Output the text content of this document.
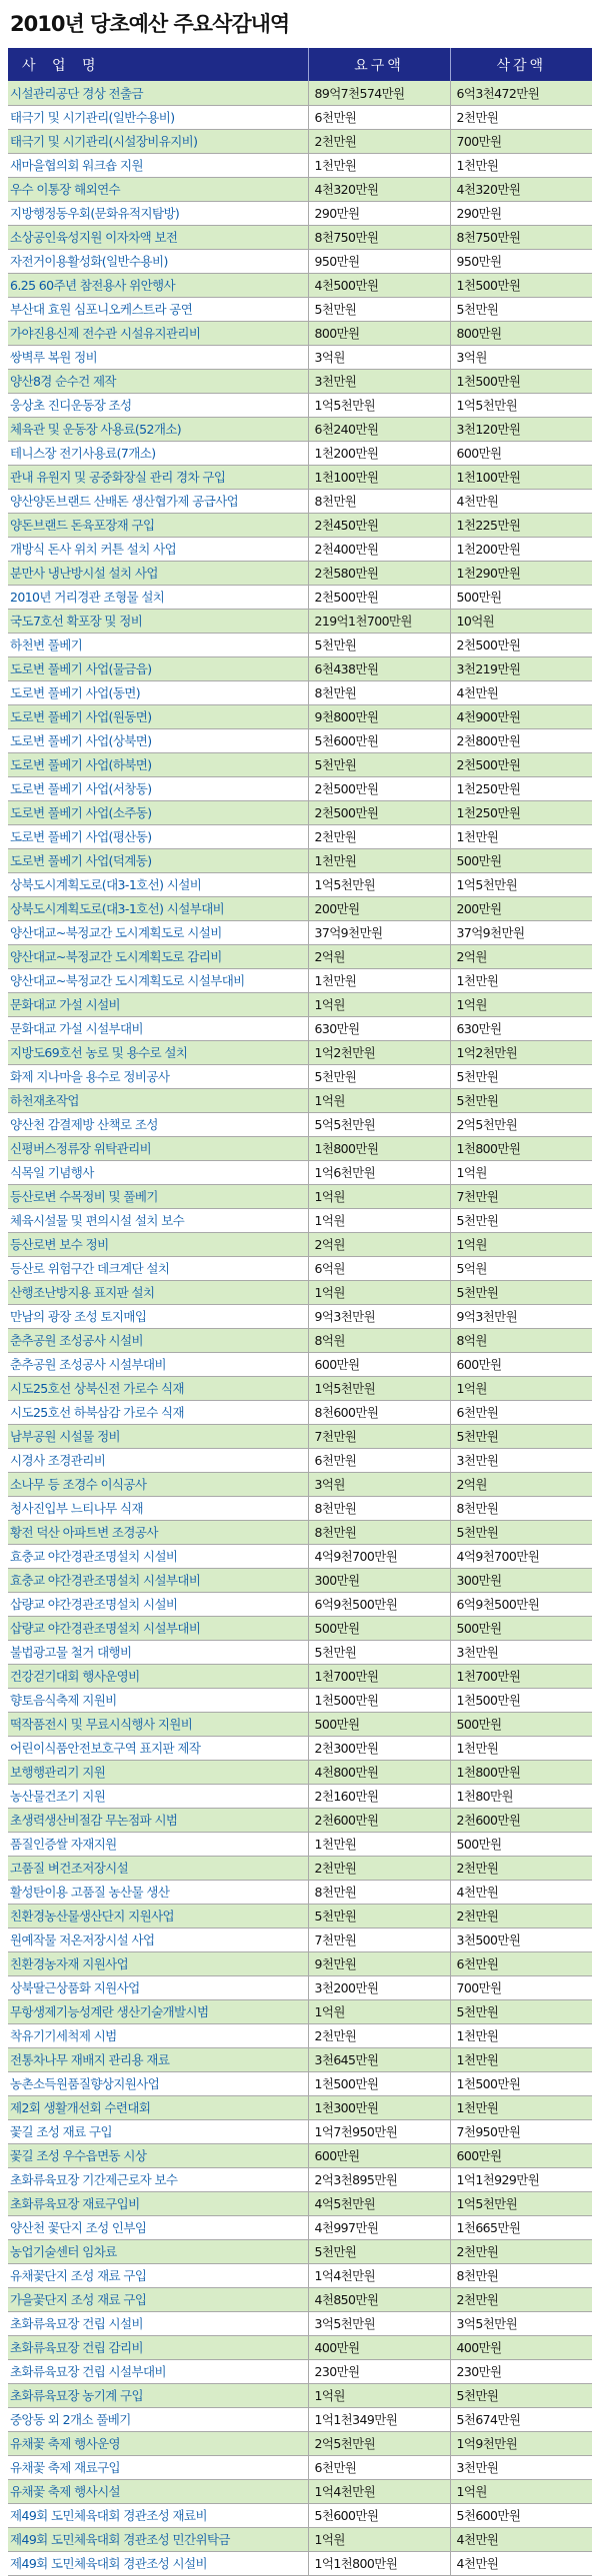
2010년 당초예산 주요삭감내역
사 업 명	요구액	삭감액
시설관리공단 경상 전출금	89억7천574만원	6억3천472만원
태극기 및 시기관리(일반수용비)	6천만원	2천만원
태극기 및 시기관리(시설장비유지비)	2천만원	700만원
새마을협의회 워크숍 지원	1천만원	1천만원
우수 이통장 해외연수	4천320만원	4천320만원
지방행정동우회(문화유적지탐방)	290만원	290만원
소상공인육성지원 이자차액 보전	8천750만원	8천750만원
자전거이용활성화(일반수용비)	950만원	950만원
6.25 60주년 참전용사 위안행사	4천500만원	1천500만원
부산대 효원 심포니오케스트라 공연	5천만원	5천만원
가야진용신제 전수관 시설유지관리비	800만원	800만원
쌍벽루 복원 정비	3억원	3억원
양산8경 순수건 제작	3천만원	1천500만원
웅상초 진디운동장 조성	1억5천만원	1억5천만원
체육관 및 운동장 사용료(52개소)	6천240만원	3천120만원
테니스장 전기사용료(7개소)	1천200만원	600만원
관내 유원지 및 공중화장실 관리 경차 구입	1천100만원	1천100만원
양산양돈브랜드 산배돈 생산협가제 공급사업	8천만원	4천만원
양돈브랜드 돈육포장재 구입	2천450만원	1천225만원
개방식 돈사 위치 커튼 설치 사업	2천400만원	1천200만원
분만사 냉난방시설 설치 사업	2천580만원	1천290만원
2010년 거리경관 조형물 설치	2천500만원	500만원
국도7호선 확포장 및 정비	219억1천700만원	10억원
하천변 풀베기	5천만원	2천500만원
도로변 풀베기 사업(물금읍)	6천438만원	3천219만원
도로변 풀베기 사업(동면)	8천만원	4천만원
도로변 풀베기 사업(원동면)	9천800만원	4천900만원
도로변 풀베기 사업(상북면)	5천600만원	2천800만원
도로변 풀베기 사업(하북면)	5천만원	2천500만원
도로변 풀베기 사업(서창동)	2천500만원	1천250만원
도로변 풀베기 사업(소주동)	2천500만원	1천250만원
도로변 풀베기 사업(평산동)	2천만원	1천만원
도로변 풀베기 사업(덕계동)	1천만원	500만원
상북도시계획도로(대3-1호선) 시설비	1억5천만원	1억5천만원
상북도시계획도로(대3-1호선) 시설부대비	200만원	200만원
양산대교~북정교간 도시계획도로 시설비	37억9천만원	37억9천만원
양산대교~북정교간 도시계획도로 감리비	2억원	2억원
양산대교~북정교간 도시계획도로 시설부대비	1천만원	1천만원
문화대교 가설 시설비	1억원	1억원
문화대교 가설 시설부대비	630만원	630만원
지방도69호선 농로 및 용수로 설치	1억2천만원	1억2천만원
화제 지나마을 용수로 정비공사	5천만원	5천만원
하천재초작업	1억원	5천만원
양산천 감결제방 산책로 조성	5억5천만원	2억5천만원
신평버스정류장 위탁관리비	1천800만원	1천800만원
식목일 기념행사	1억6천만원	1억원
등산로변 수목정비 및 풀베기	1억원	7천만원
체육시설물 및 편의시설 설치 보수	1억원	5천만원
등산로변 보수 정비	2억원	1억원
등산로 위험구간 데크계단 설치	6억원	5억원
산행조난방지용 표지판 설치	1억원	5천만원
만남의 광장 조성 토지매입	9억3천만원	9억3천만원
춘추공원 조성공사 시설비	8억원	8억원
춘추공원 조성공사 시설부대비	600만원	600만원
시도25호선 상북신전 가로수 식재	1억5천만원	1억원
시도25호선 하북삼감 가로수 식재	8천600만원	6천만원
남부공원 시설물 정비	7천만원	5천만원
시경사 조경관리비	6천만원	3천만원
소나무 등 조경수 이식공사	3억원	2억원
청사진입부 느티나무 식재	8천만원	8천만원
황전 덕산 아파트변 조경공사	8천만원	5천만원
효충교 야간경관조명설치 시설비	4억9천700만원	4억9천700만원
효충교 야간경관조명설치 시설부대비	300만원	300만원
삽량교 야간경관조명설치 시설비	6억9천500만원	6억9천500만원
삽량교 야간경관조명설치 시설부대비	500만원	500만원
불법광고물 철거 대행비	5천만원	3천만원
건강걷기대회 행사운영비	1천700만원	1천700만원
향토음식축제 지원비	1천500만원	1천500만원
떡작품전시 및 무료시식행사 지원비	500만원	500만원
어린이식품안전보호구역 표지판 제작	2천300만원	1천만원
보행행관리기 지원	4천800만원	1천800만원
농산물건조기 지원	2천160만원	1천80만원
초생력생산비절감 무논점파 시범	2천600만원	2천600만원
품질인증쌀 자재지원	1천만원	500만원
고품질 벼건조저장시설	2천만원	2천만원
활성탄이용 고품질 농산물 생산	8천만원	4천만원
친환경농산물생산단지 지원사업	5천만원	2천만원
원예작물 저온저장시설 사업	7천만원	3천500만원
친환경농자재 지원사업	9천만원	6천만원
상북딸근상품화 지원사업	3천200만원	700만원
무항생제기능성계란 생산기술개발시범	1억원	5천만원
착유기기세척제 시범	2천만원	1천만원
전통차나무 재배지 관리용 재료	3천645만원	1천만원
농촌소득원품질향상지원사업	1천500만원	1천500만원
제2회 생활개선회 수련대회	1천300만원	1천만원
꽃길 조성 재료 구입	1억7천950만원	7천950만원
꽃길 조성 우수읍면동 시상	600만원	600만원
초화류육묘장 기간제근로자 보수	2억3천895만원	1억1천929만원
초화류육묘장 재료구입비	4억5천만원	1억5천만원
양산천 꽃단지 조성 인부임	4천997만원	1천665만원
농업기술센터 임차료	5천만원	2천만원
유채꽃단지 조성 재료 구입	1억4천만원	8천만원
가을꽃단지 조성 재료 구입	4천850만원	2천만원
초화류육묘장 건립 시설비	3억5천만원	3억5천만원
초화류육묘장 건립 감리비	400만원	400만원
초화류육묘장 건립 시설부대비	230만원	230만원
초화류육묘장 농기계 구입	1억원	5천만원
중앙동 외 2개소 풀베기	1억1천349만원	5천674만원
유채꽃 축제 행사운영	2억5천만원	1억9천만원
유채꽃 축제 재료구입	6천만원	3천만원
유채꽃 축제 행사시설	1억4천만원	1억원
제49회 도민체육대회 경관조성 재료비	5천600만원	5천600만원
제49회 도민체육대회 경관조성 민간위탁금	1억원	4천만원
제49회 도민체육대회 경관조성 시설비	1억1천800만원	4천만원
